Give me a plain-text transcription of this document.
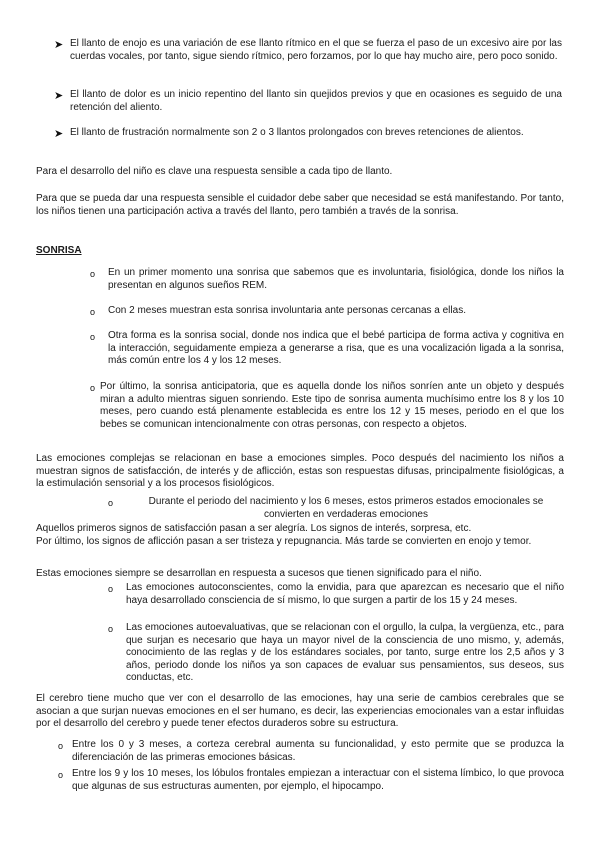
➤ El llanto de enojo es una variación de ese llanto rítmico en el que se fuerza el paso de un excesivo aire por las cuerdas vocales, por tanto, sigue siendo rítmico, pero forzamos, por lo que hay mucho aire, pero poco sonido.

➤ El llanto de dolor es un inicio repentino del llanto sin quejidos previos y que en ocasiones es seguido de una retención del aliento.

➤ El llanto de frustración normalmente son 2 o 3 llantos prolongados con breves retenciones de alientos.

Para el desarrollo del niño es clave una respuesta sensible a cada tipo de llanto.

Para que se pueda dar una respuesta sensible el cuidador debe saber que necesidad se está manifestando. Por tanto, los niños tienen una participación activa a través del llanto, pero también a través de la sonrisa.

SONRISA
o En un primer momento una sonrisa que sabemos que es involuntaria, fisiológica, donde los niños la presentan en algunos sueños REM.

o Con 2 meses muestran esta sonrisa involuntaria ante personas cercanas a ellas.

o Otra forma es la sonrisa social, donde nos indica que el bebé participa de forma activa y cognitiva en la interacción, seguidamente empieza a generarse a risa, que es una vocalización ligada a la sonrisa, más común entre los 4 y los 12 meses.

o Por último, la sonrisa anticipatoria, que es aquella donde los niños sonríen ante un objeto y después miran a adulto mientras siguen sonriendo. Este tipo de sonrisa aumenta muchísimo entre los 8 y los 10 meses, pero cuando está plenamente establecida es entre los 12 y 15 meses, periodo en el que los bebes se comunican intencionalmente con otras personas, con respecto a objetos.

Las emociones complejas se relacionan en base a emociones simples. Poco después del nacimiento los niños a muestran signos de satisfacción, de interés y de aflicción, estas son respuestas difusas, principalmente fisiológicas, a la estimulación sensorial y a los procesos fisiológicos.

o	Durante el periodo del nacimiento y los 6 meses, estos primeros estados emocionales se convierten en verdaderas emociones

Aquellos primeros signos de satisfacción pasan a ser alegría. Los signos de interés, sorpresa, etc.

Por último, los signos de aflicción pasan a ser tristeza y repugnancia. Más tarde se convierten en enojo y temor.

Estas emociones siempre se desarrollan en respuesta a sucesos que tienen significado para el niño.

o Las emociones autoconscientes, como la envidia, para que aparezcan es necesario que el niño haya desarrollado consciencia de sí mismo, lo que surgen a partir de los 15 y 24 meses.

o Las emociones autoevaluativas, que se relacionan con el orgullo, la culpa, la vergüenza, etc., para que surjan es necesario que haya un mayor nivel de la consciencia de uno mismo, y, además, conocimiento de las reglas y de los estándares sociales, por tanto, surge entre los 2,5 años y 3 años, periodo donde los niños ya son capaces de evaluar sus pensamientos, sus deseos, sus conductas, etc.

El cerebro tiene mucho que ver con el desarrollo de las emociones, hay una serie de cambios cerebrales que se asocian a que surjan nuevas emociones en el ser humano, es decir, las experiencias emocionales van a estar influidas por el desarrollo del cerebro y puede tener efectos duraderos sobre su estructura.

o Entre los 0 y 3 meses, a corteza cerebral aumenta su funcionalidad, y esto permite que se produzca la diferenciación de las primeras emociones básicas.

o Entre los 9 y los 10 meses, los lóbulos frontales empiezan a interactuar con el sistema límbico, lo que provoca que algunas de sus estructuras aumenten, por ejemplo, el hipocampo.
